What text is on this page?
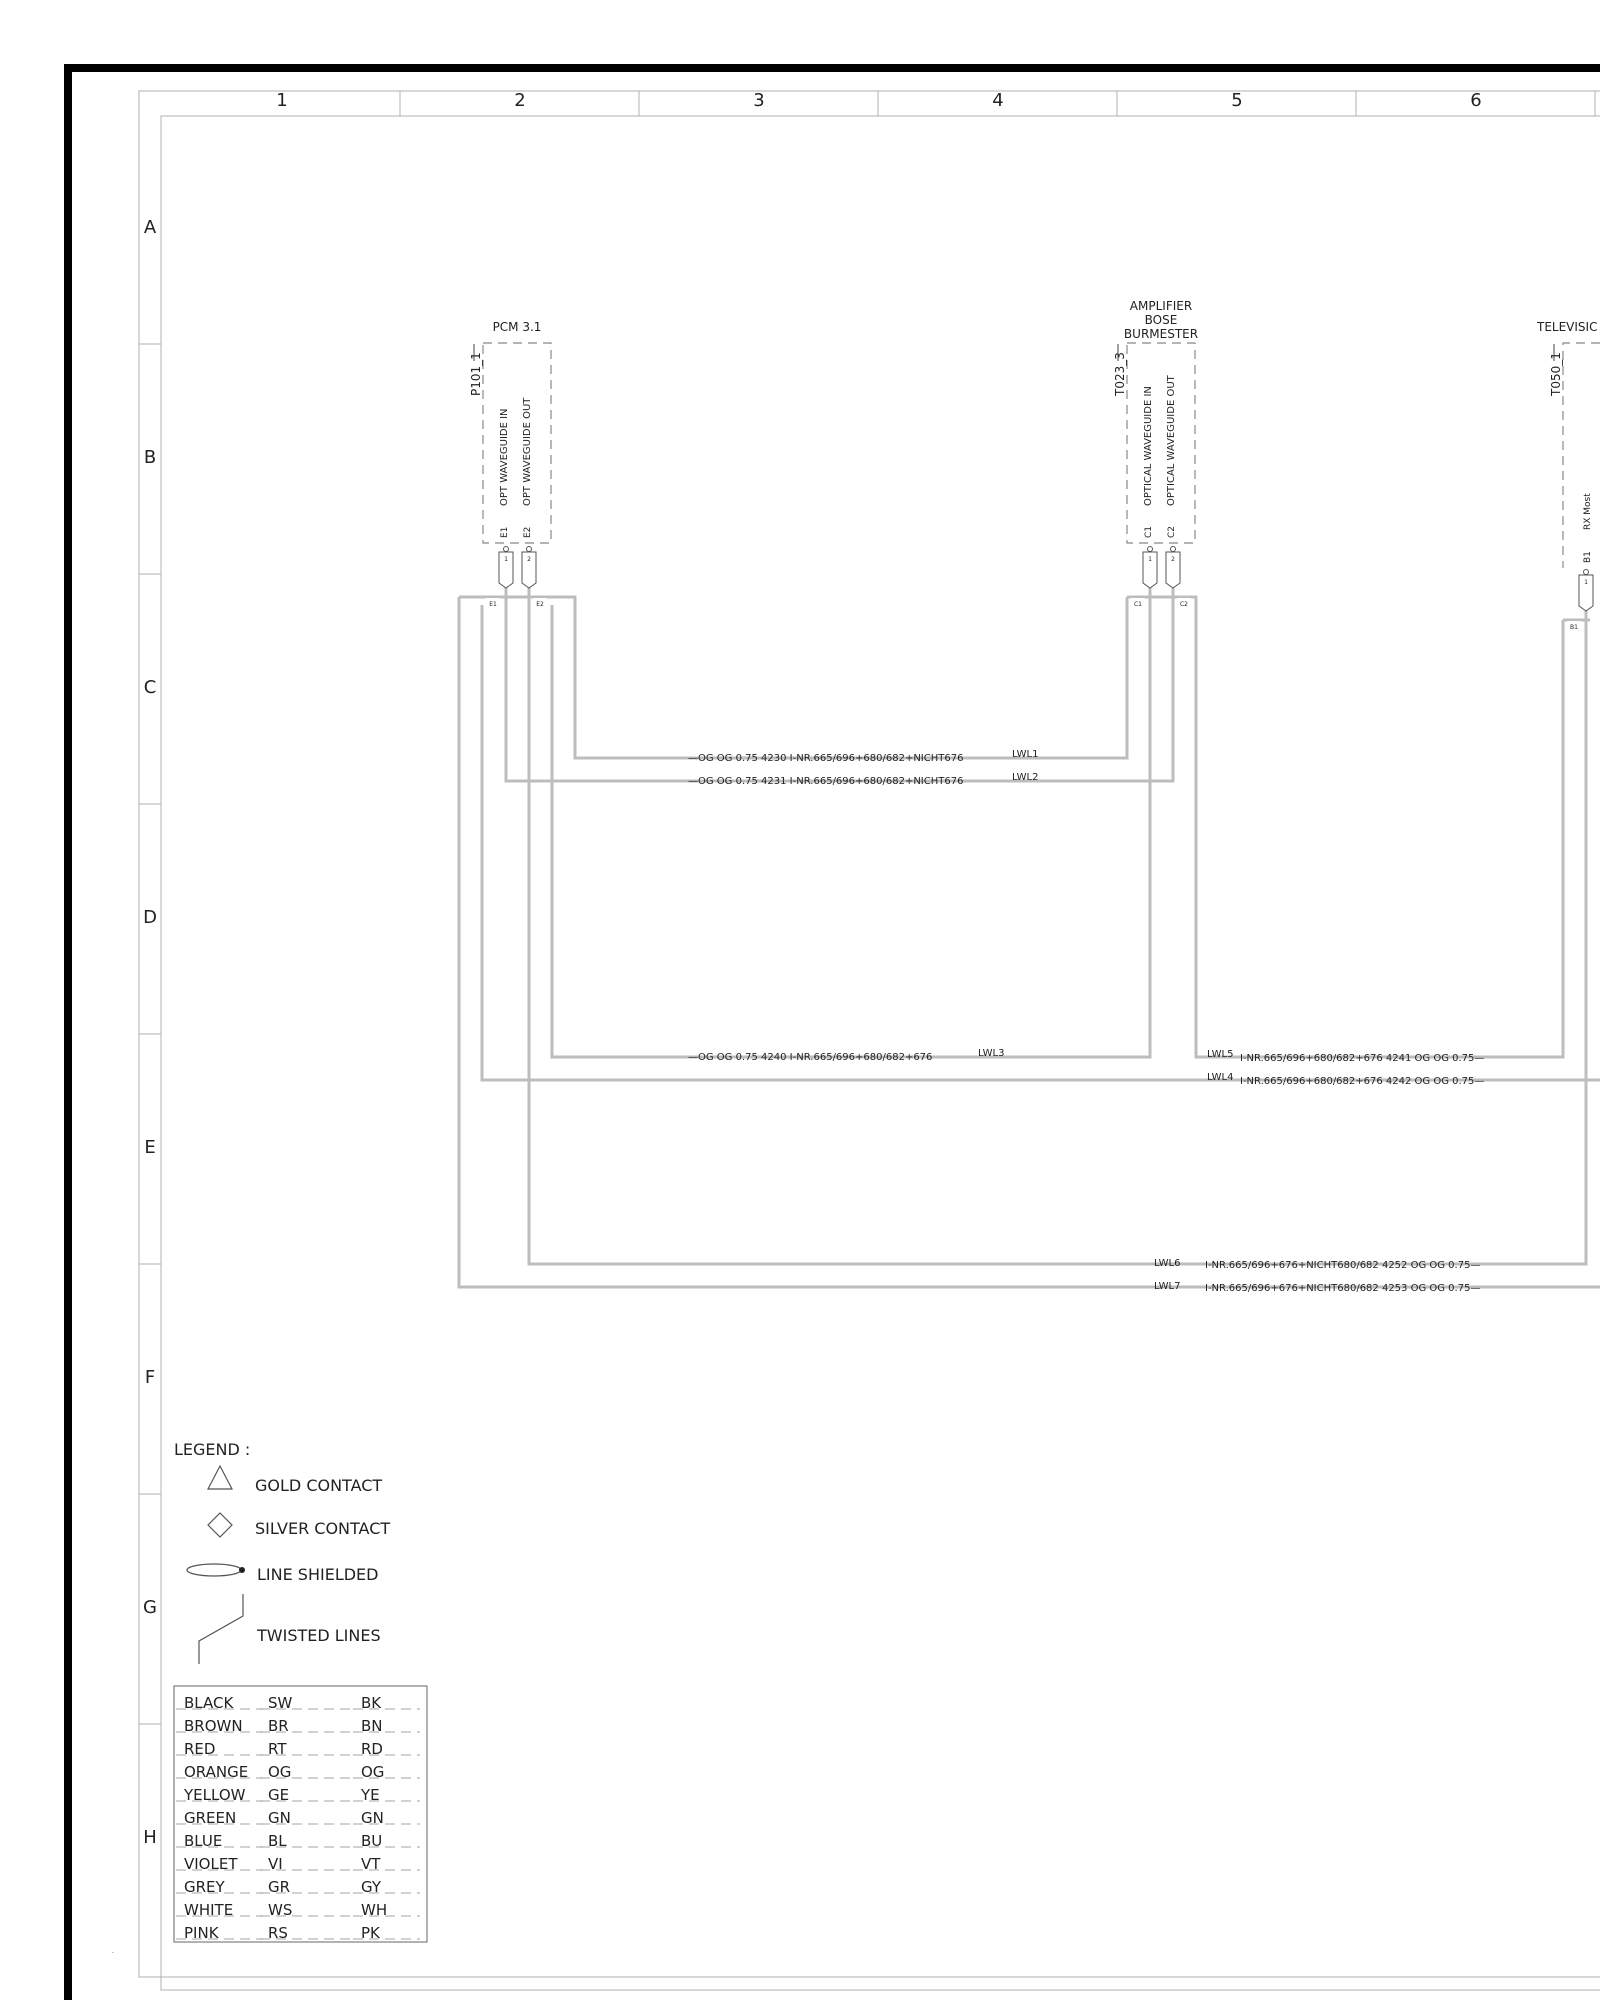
1	2	3	4	5	6
A
B
C
D
E
F
G
H
E1	E2	C1	C2
B1
—OG OG 0.75 4230 I-NR.665/696+680/682+NICHT676	LWL1
—OG OG 0.75 4231 I-NR.665/696+680/682+NICHT676	LWL2
—OG OG 0.75 4240 I-NR.665/696+680/682+676	LWL3	LWL5 I-NR.665/696+680/682+676 4241 OG OG 0.75—
LWL4 I-NR.665/696+680/682+676 4242 OG OG 0.75—
LWL6 I-NR.665/696+676+NICHT680/682 4252 OG OG 0.75—
LWL7 I-NR.665/696+676+NICHT680/682 4253 OG OG 0.75—
PCM 3.1
P101_1
OPT WAVEGUIDE IN OPT WAVEGUIDE OUT
E1 E2
1	2
AMPLIFIER
BOSE
BURMESTER
T023_3
OPTICAL WAVEGUIDE IN OPTICAL WAVEGUIDE OUT
C1 C2
1	2
TELEVISIC
T050_1
RX Most
B1
1
LEGEND :
GOLD CONTACT
SILVER CONTACT
LINE SHIELDED
TWISTED LINES
BLACK SW	BK
BROWN BR	BN
RED	RT	RD
ORANGE OG	OG
YELLOW GE	YE
GREEN GN	GN
BLUE	BL	BU
VIOLET VI	VT
GREY	GR	GY
WHITE WS	WH
PINK	RS	PK
.
